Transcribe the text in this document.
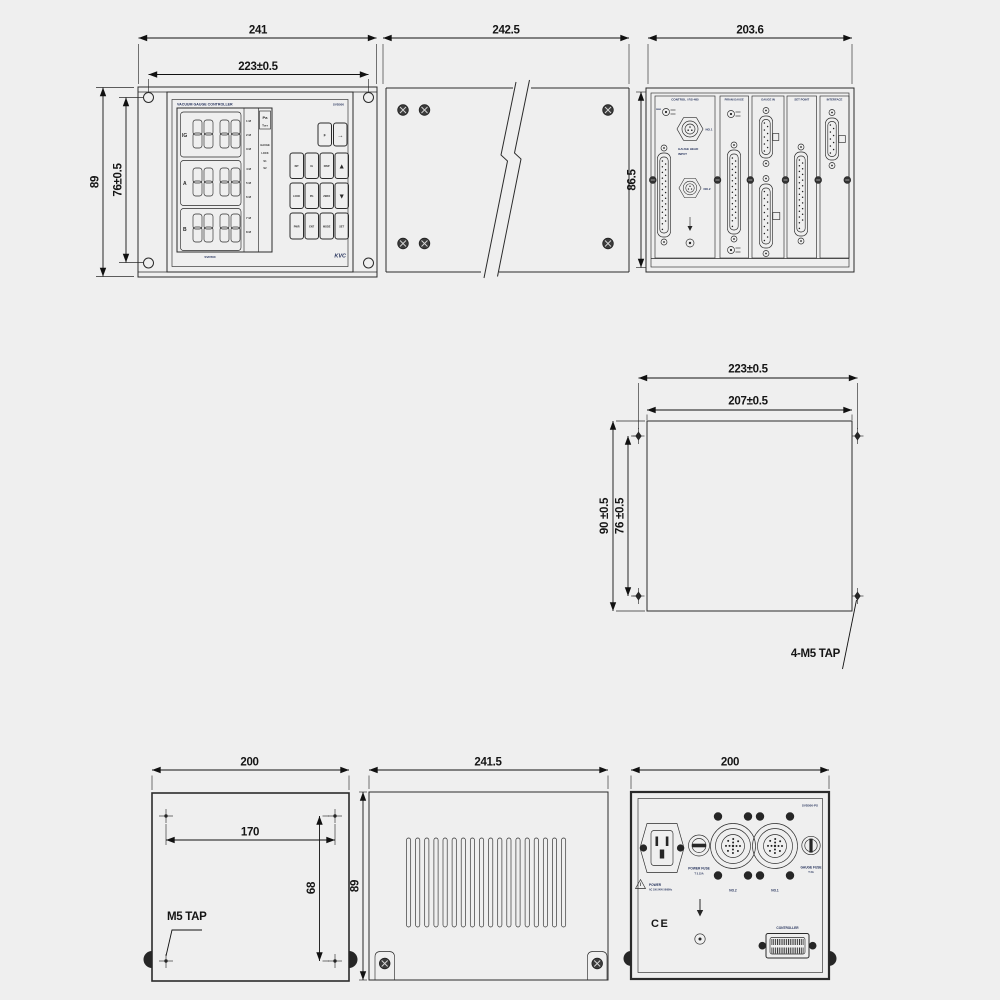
241
223±0.5
89 76±0.5
VACUUM GAUGE CONTROLLER	SVD500
IG
A
B
1 M
2 M
3 M
4 M
5 M
6 M
7 M
8 M
Pa
Torr
GAUGE
LOCK
S1
S2
SVD500
F →
INT	IG	DISP ▲
LOCK	PG	ZERO ▼
PWR	ENT	MODE	SET
KVC
242.5	203.6
86.5
CONTROL / RS-485
REM
NO.1
GAUGE HEAD
INPUT
NO.2
PIRANI GAUGE	GAUGE IN	SET POINT	INTERFACE
223±0.5
207±0.5
90 ±0.5 76 ±0.5
4-M5 TAP
200
170
68
M5 TAP
241.5
89
200
SVD500-PS
POWER
AC 100-240V 50/60Hz
POWER FUSE
T 3.15A
NO.2	NO.1
GAUGE FUSE
T 2A
CE	CONTROLLER
